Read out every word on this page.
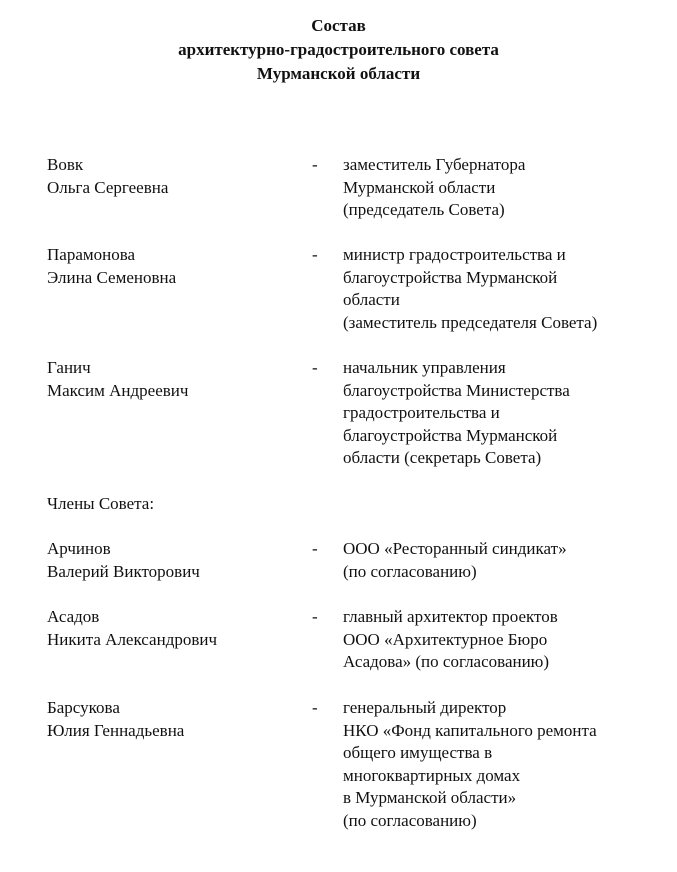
Состав
архитектурно-градостроительного совета
Мурманской области
Вовк
Ольга Сергеевна
-	заместитель Губернатора
Мурманской области
(председатель Совета)
Парамонова
Элина Семеновна
-	министр градостроительства и
благоустройства Мурманской
области
(заместитель председателя Совета)
Ганич
Максим Андреевич
-	начальник управления
благоустройства Министерства
градостроительства и
благоустройства Мурманской
области (секретарь Совета)
Члены Совета:
Арчинов
Валерий Викторович
-	ООО «Ресторанный синдикат»
(по согласованию)
Асадов
Никита Александрович
-	главный архитектор проектов
ООО «Архитектурное Бюро
Асадова» (по согласованию)
Барсукова
Юлия Геннадьевна
-	генеральный директор
НКО «Фонд капитального ремонта
общего имущества в
многоквартирных домах
в Мурманской области»
(по согласованию)
